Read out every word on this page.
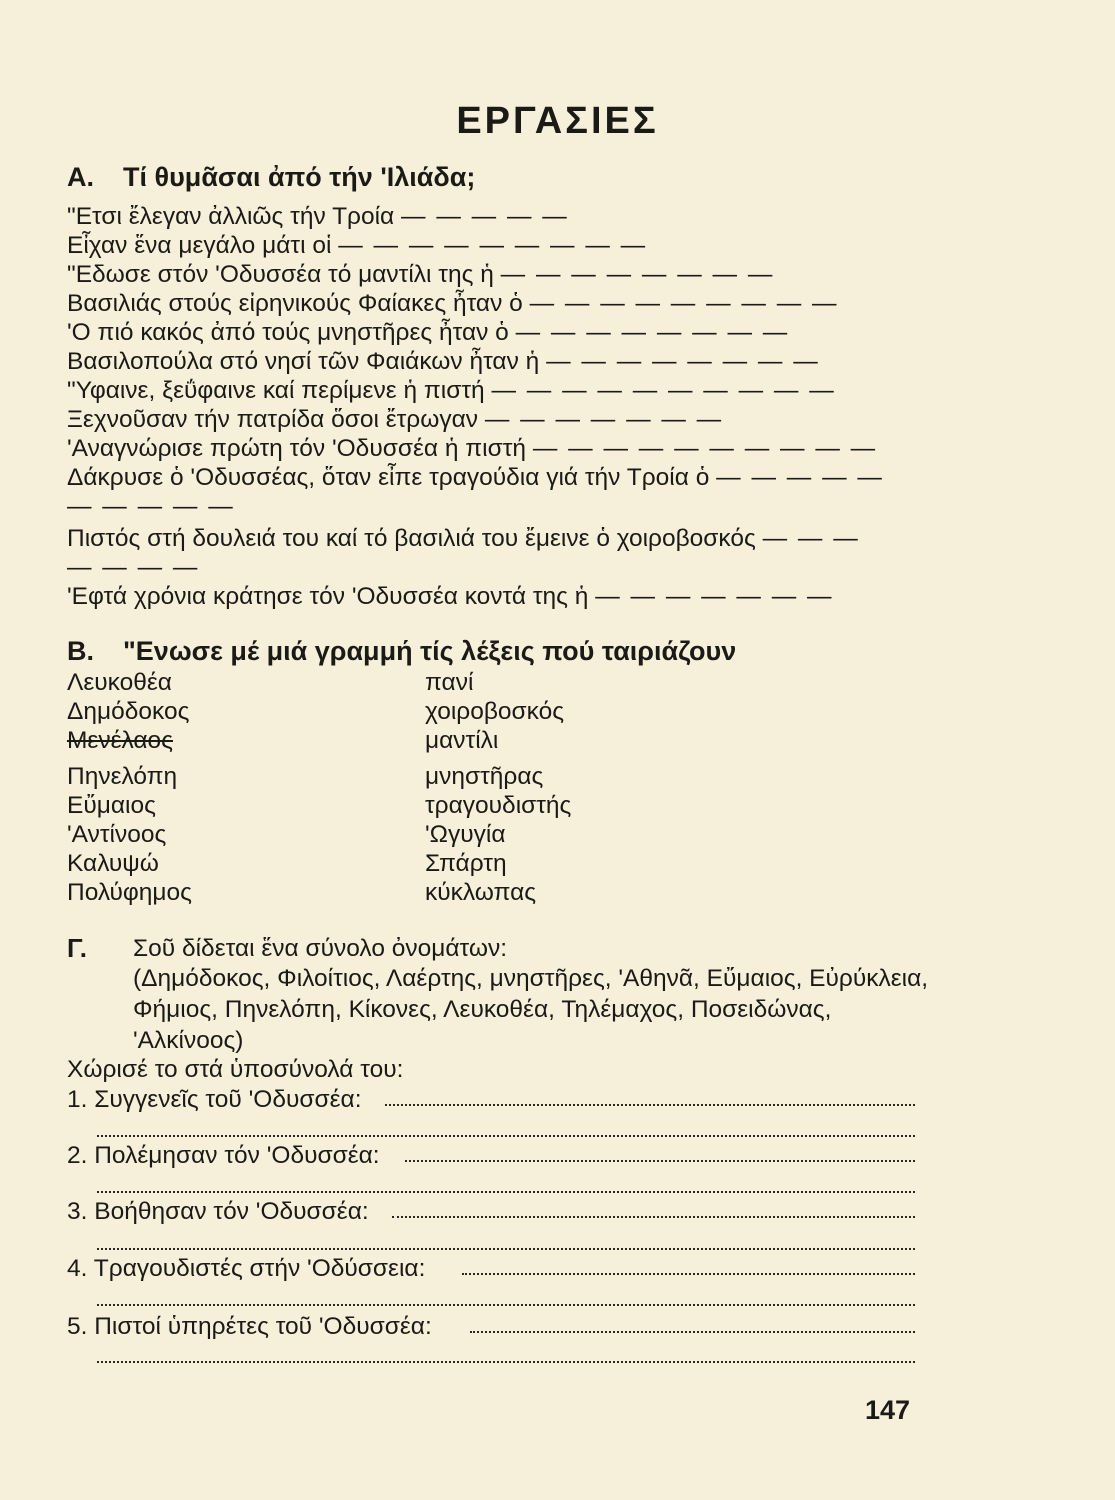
ΕΡΓΑΣΙΕΣ
A. Τί θυμᾶσαι ἀπό τήν 'Ιλιάδα;
"Ετσι ἔλεγαν ἀλλιῶς τήν Τροία — — — — —
Εἶχαν ἕνα μεγάλο μάτι οἱ — — — — — — — — —
"Εδωσε στόν 'Οδυσσέα τό μαντίλι της ἡ — — — — — — — —
Βασιλιάς στούς εἰρηνικούς Φαίακες ἦταν ὁ — — — — — — — — —
'Ο πιό κακός ἀπό τούς μνηστῆρες ἦταν ὁ — — — — — — — —
Βασιλοπούλα στό νησί τῶν Φαιάκων ἦταν ἡ — — — — — — — —
"Υφαινε, ξεΰφαινε καί περίμενε ἡ πιστή — — — — — — — — — —
Ξεχνοῦσαν τήν πατρίδα ὅσοι ἔτρωγαν — — — — — — —
'Αναγνώρισε πρώτη τόν 'Οδυσσέα ἡ πιστή — — — — — — — — — —
Δάκρυσε ὁ 'Οδυσσέας, ὅταν εἶπε τραγούδια γιά τήν Τροία ὁ — — — — —
— — — — —
Πιστός στή δουλειά του καί τό βασιλιά του ἔμεινε ὁ χοιροβοσκός — — —
— — — —
'Εφτά χρόνια κράτησε τόν 'Οδυσσέα κοντά της ἡ — — — — — — —
B. "Ενωσε μέ μιά γραμμή τίς λέξεις πού ταιριάζουν
Λευκοθέα
Δημόδοκος
Μενέλαος
Πηνελόπη
Εὔμαιος
'Αντίνοος
Καλυψώ
Πολύφημος
πανί
χοιροβοσκός
μαντίλι
μνηστῆρας
τραγουδιστής
'Ωγυγία
Σπάρτη
κύκλωπας
Γ. Σοῦ δίδεται ἕνα σύνολο ὀνομάτων:
(Δημόδοκος, Φιλοίτιος, Λαέρτης, μνηστῆρες, 'Αθηνᾶ, Εὔμαιος, Εὐρύκλεια, Φήμιος, Πηνελόπη, Κίκονες, Λευκοθέα, Τηλέμαχος, Ποσειδώνας, 'Αλκίνοος)
Χώρισέ το στά ὑποσύνολά του:
1. Συγγενεῖς τοῦ 'Οδυσσέα:
2. Πολέμησαν τόν 'Οδυσσέα:
3. Βοήθησαν τόν 'Οδυσσέα:
4. Τραγουδιστές στήν 'Οδύσσεια:
5. Πιστοί ὑπηρέτες τοῦ 'Οδυσσέα:
147
